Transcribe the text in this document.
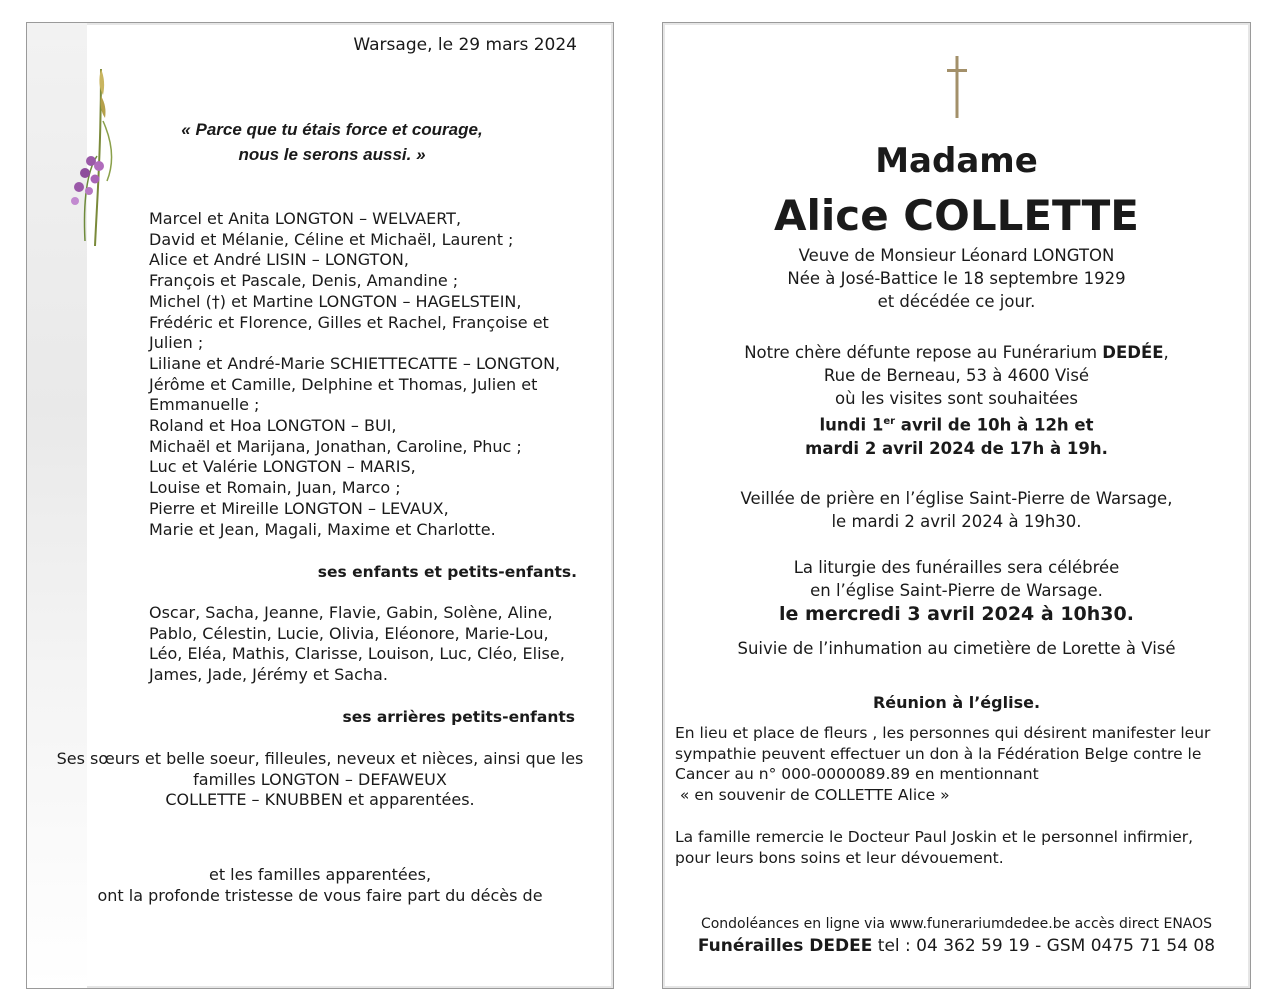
Warsage, le 29 mars 2024
« Parce que tu étais force et courage,
nous le serons aussi. »
Marcel et Anita LONGTON – WELVAERT,
David et Mélanie, Céline et Michaël, Laurent ;
Alice et André LISIN – LONGTON,
François et Pascale, Denis, Amandine ;
Michel (†) et Martine LONGTON – HAGELSTEIN,
Frédéric et Florence, Gilles et Rachel, Françoise et
Julien ;
Liliane et André-Marie SCHIETTECATTE – LONGTON,
Jérôme et Camille, Delphine et Thomas, Julien et
Emmanuelle ;
Roland et Hoa LONGTON – BUI,
Michaël et Marijana, Jonathan, Caroline, Phuc ;
Luc et Valérie LONGTON – MARIS,
Louise et Romain, Juan, Marco ;
Pierre et Mireille LONGTON – LEVAUX,
Marie et Jean, Magali, Maxime et Charlotte.
ses enfants et petits-enfants.
Oscar, Sacha, Jeanne, Flavie, Gabin, Solène, Aline,
Pablo, Célestin, Lucie, Olivia, Eléonore, Marie-Lou,
Léo, Eléa, Mathis, Clarisse, Louison, Luc, Cléo, Elise,
James, Jade, Jérémy et Sacha.
ses arrières petits-enfants
Ses sœurs et belle soeur, filleules, neveux et nièces, ainsi que les
familles LONGTON – DEFAWEUX
COLLETTE – KNUBBEN et apparentées.
et les familles apparentées,
ont la profonde tristesse de vous faire part du décès de
Madame
Alice COLLETTE
Veuve de Monsieur Léonard LONGTON
Née à José-Battice le 18 septembre 1929
et décédée ce jour.
Notre chère défunte repose au Funérarium DEDÉE,
Rue de Berneau, 53 à 4600 Visé
où les visites sont souhaitées
lundi 1er avril de 10h à 12h et
mardi 2 avril 2024 de 17h à 19h.
Veillée de prière en l’église Saint-Pierre de Warsage,
le mardi 2 avril 2024 à 19h30.
La liturgie des funérailles sera célébrée
en l’église Saint-Pierre de Warsage.
le mercredi 3 avril 2024 à 10h30.
Suivie de l’inhumation au cimetière de Lorette à Visé
Réunion à l’église.
En lieu et place de fleurs , les personnes qui désirent manifester leur
sympathie peuvent effectuer un don à la Fédération Belge contre le
Cancer au n° 000-0000089.89 en mentionnant
« en souvenir de COLLETTE Alice »
La famille remercie le Docteur Paul Joskin et le personnel infirmier,
pour leurs bons soins et leur dévouement.
Condoléances en ligne via www.funerariumdedee.be accès direct ENAOS
Funérailles DEDEE tel : 04 362 59 19 - GSM 0475 71 54 08
